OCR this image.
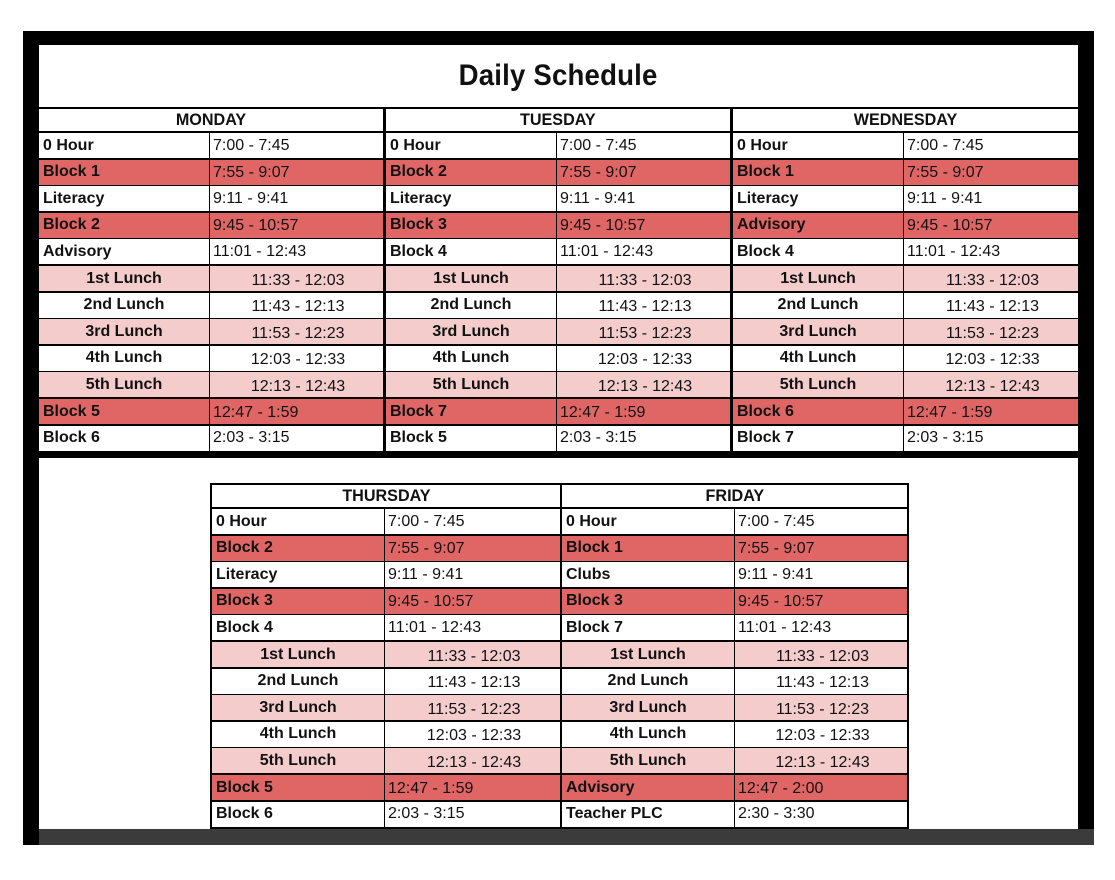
Daily Schedule
MONDAY
0 Hour	7:00 - 7:45
Block 1	7:55 - 9:07
Literacy	9:11 - 9:41
Block 2	9:45 - 10:57
Advisory	11:01 - 12:43
1st Lunch	11:33 - 12:03
2nd Lunch	11:43 - 12:13
3rd Lunch	11:53 - 12:23
4th Lunch	12:03 - 12:33
5th Lunch	12:13 - 12:43
Block 5	12:47 - 1:59
Block 6	2:03 - 3:15
TUESDAY
0 Hour	7:00 - 7:45
Block 2	7:55 - 9:07
Literacy	9:11 - 9:41
Block 3	9:45 - 10:57
Block 4	11:01 - 12:43
1st Lunch	11:33 - 12:03
2nd Lunch	11:43 - 12:13
3rd Lunch	11:53 - 12:23
4th Lunch	12:03 - 12:33
5th Lunch	12:13 - 12:43
Block 7	12:47 - 1:59
Block 5	2:03 - 3:15
WEDNESDAY
0 Hour	7:00 - 7:45
Block 1	7:55 - 9:07
Literacy	9:11 - 9:41
Advisory	9:45 - 10:57
Block 4	11:01 - 12:43
1st Lunch	11:33 - 12:03
2nd Lunch	11:43 - 12:13
3rd Lunch	11:53 - 12:23
4th Lunch	12:03 - 12:33
5th Lunch	12:13 - 12:43
Block 6	12:47 - 1:59
Block 7	2:03 - 3:15
THURSDAY
0 Hour	7:00 - 7:45
Block 2	7:55 - 9:07
Literacy	9:11 - 9:41
Block 3	9:45 - 10:57
Block 4	11:01 - 12:43
1st Lunch	11:33 - 12:03
2nd Lunch	11:43 - 12:13
3rd Lunch	11:53 - 12:23
4th Lunch	12:03 - 12:33
5th Lunch	12:13 - 12:43
Block 5	12:47 - 1:59
Block 6	2:03 - 3:15
FRIDAY
0 Hour	7:00 - 7:45
Block 1	7:55 - 9:07
Clubs	9:11 - 9:41
Block 3	9:45 - 10:57
Block 7	11:01 - 12:43
1st Lunch	11:33 - 12:03
2nd Lunch	11:43 - 12:13
3rd Lunch	11:53 - 12:23
4th Lunch	12:03 - 12:33
5th Lunch	12:13 - 12:43
Advisory	12:47 - 2:00
Teacher PLC	2:30 - 3:30
